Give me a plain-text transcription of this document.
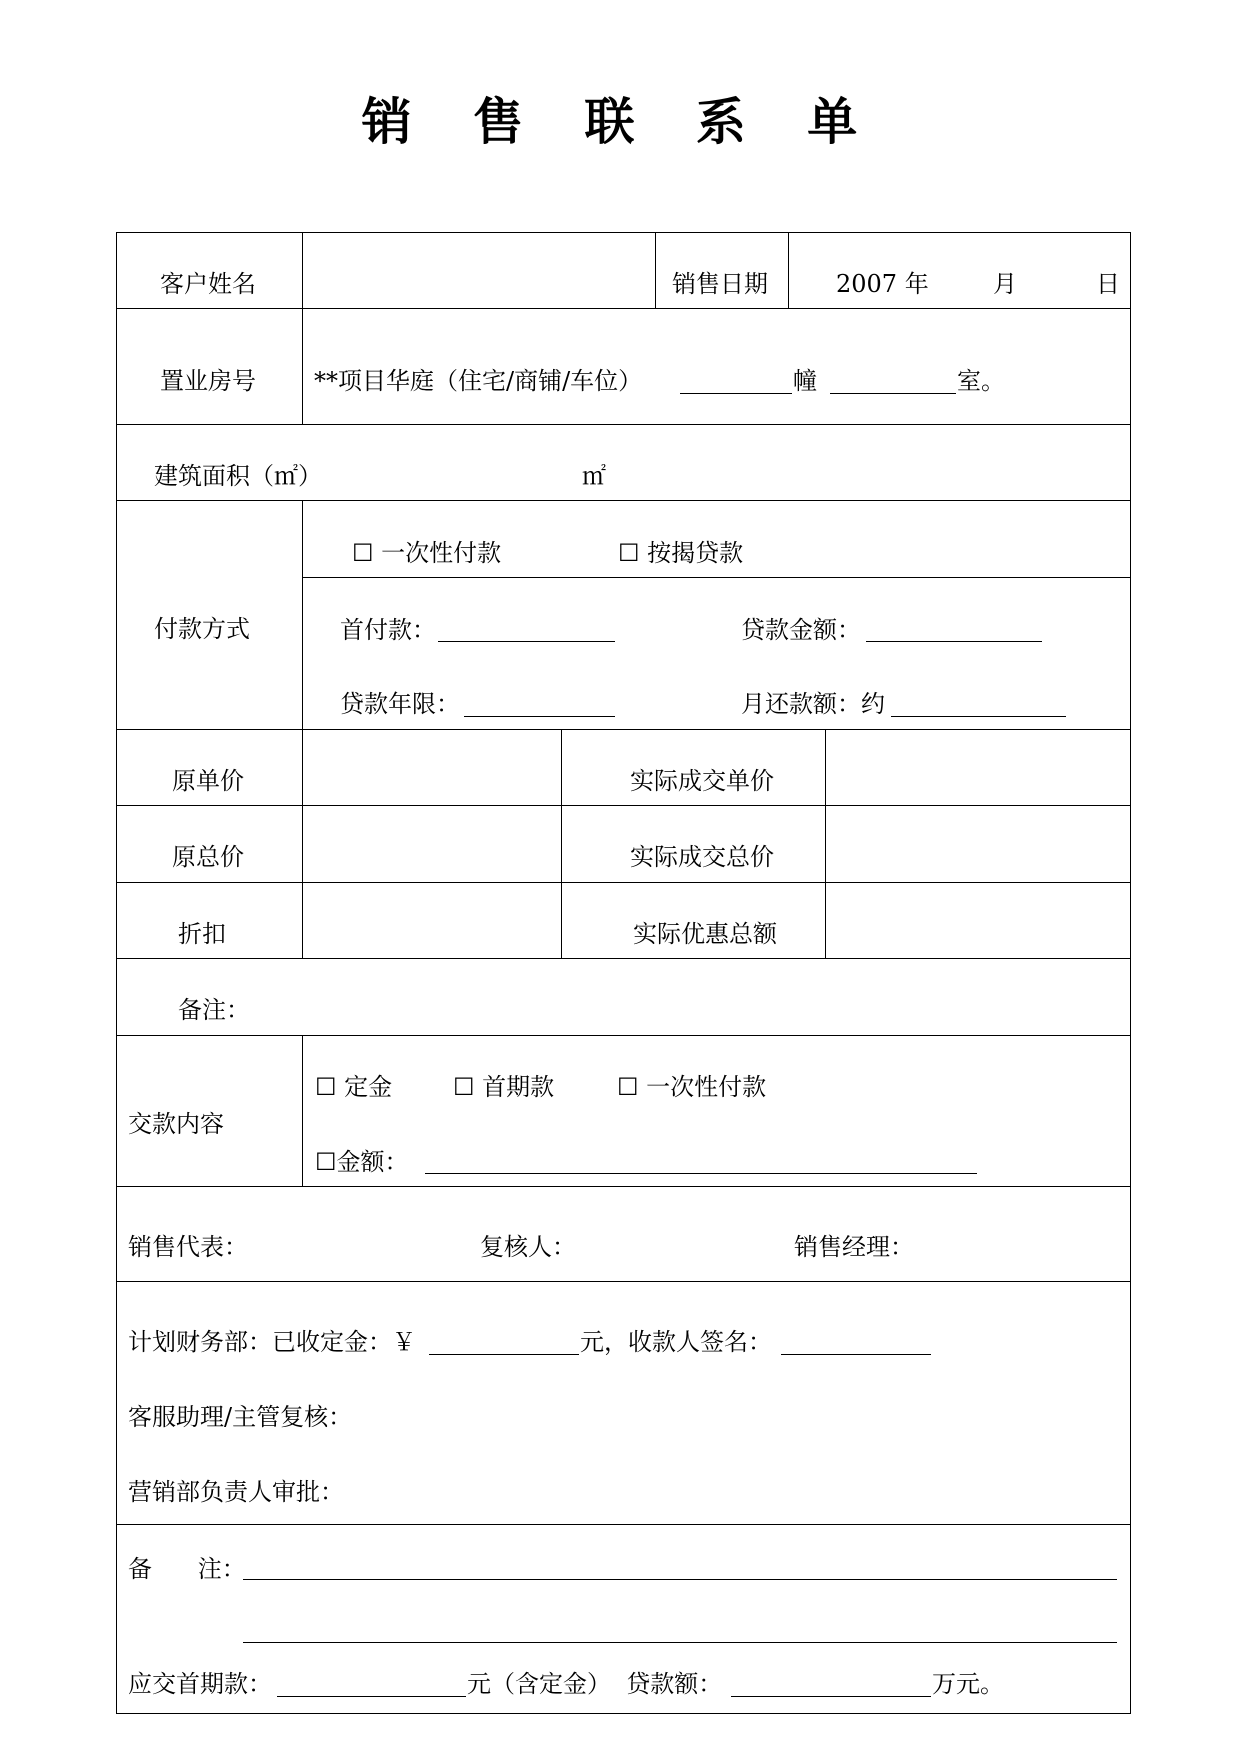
销 售 联 系 单
客户姓名	销售日期	2007 年	月	日
置业房号 **项目华庭（住宅/商铺/车位）	幢	室。
建筑面积（㎡）	㎡
付款方式
☐ 一次性付款	☐ 按揭贷款
首付款：	贷款金额：
贷款年限：	月还款额：约
原单价	实际成交单价
原总价	实际成交总价
折扣	实际优惠总额
备注：
交款内容
☐ 定金	☐ 首期款	☐ 一次性付款
☐金额：
销售代表：	复核人：	销售经理：
计划财务部：已收定金：￥	元，收款人签名：
客服助理/主管复核：
营销部负责人审批：
备      注：
应交首期款：	元（含定金）  贷款额：	万元。
